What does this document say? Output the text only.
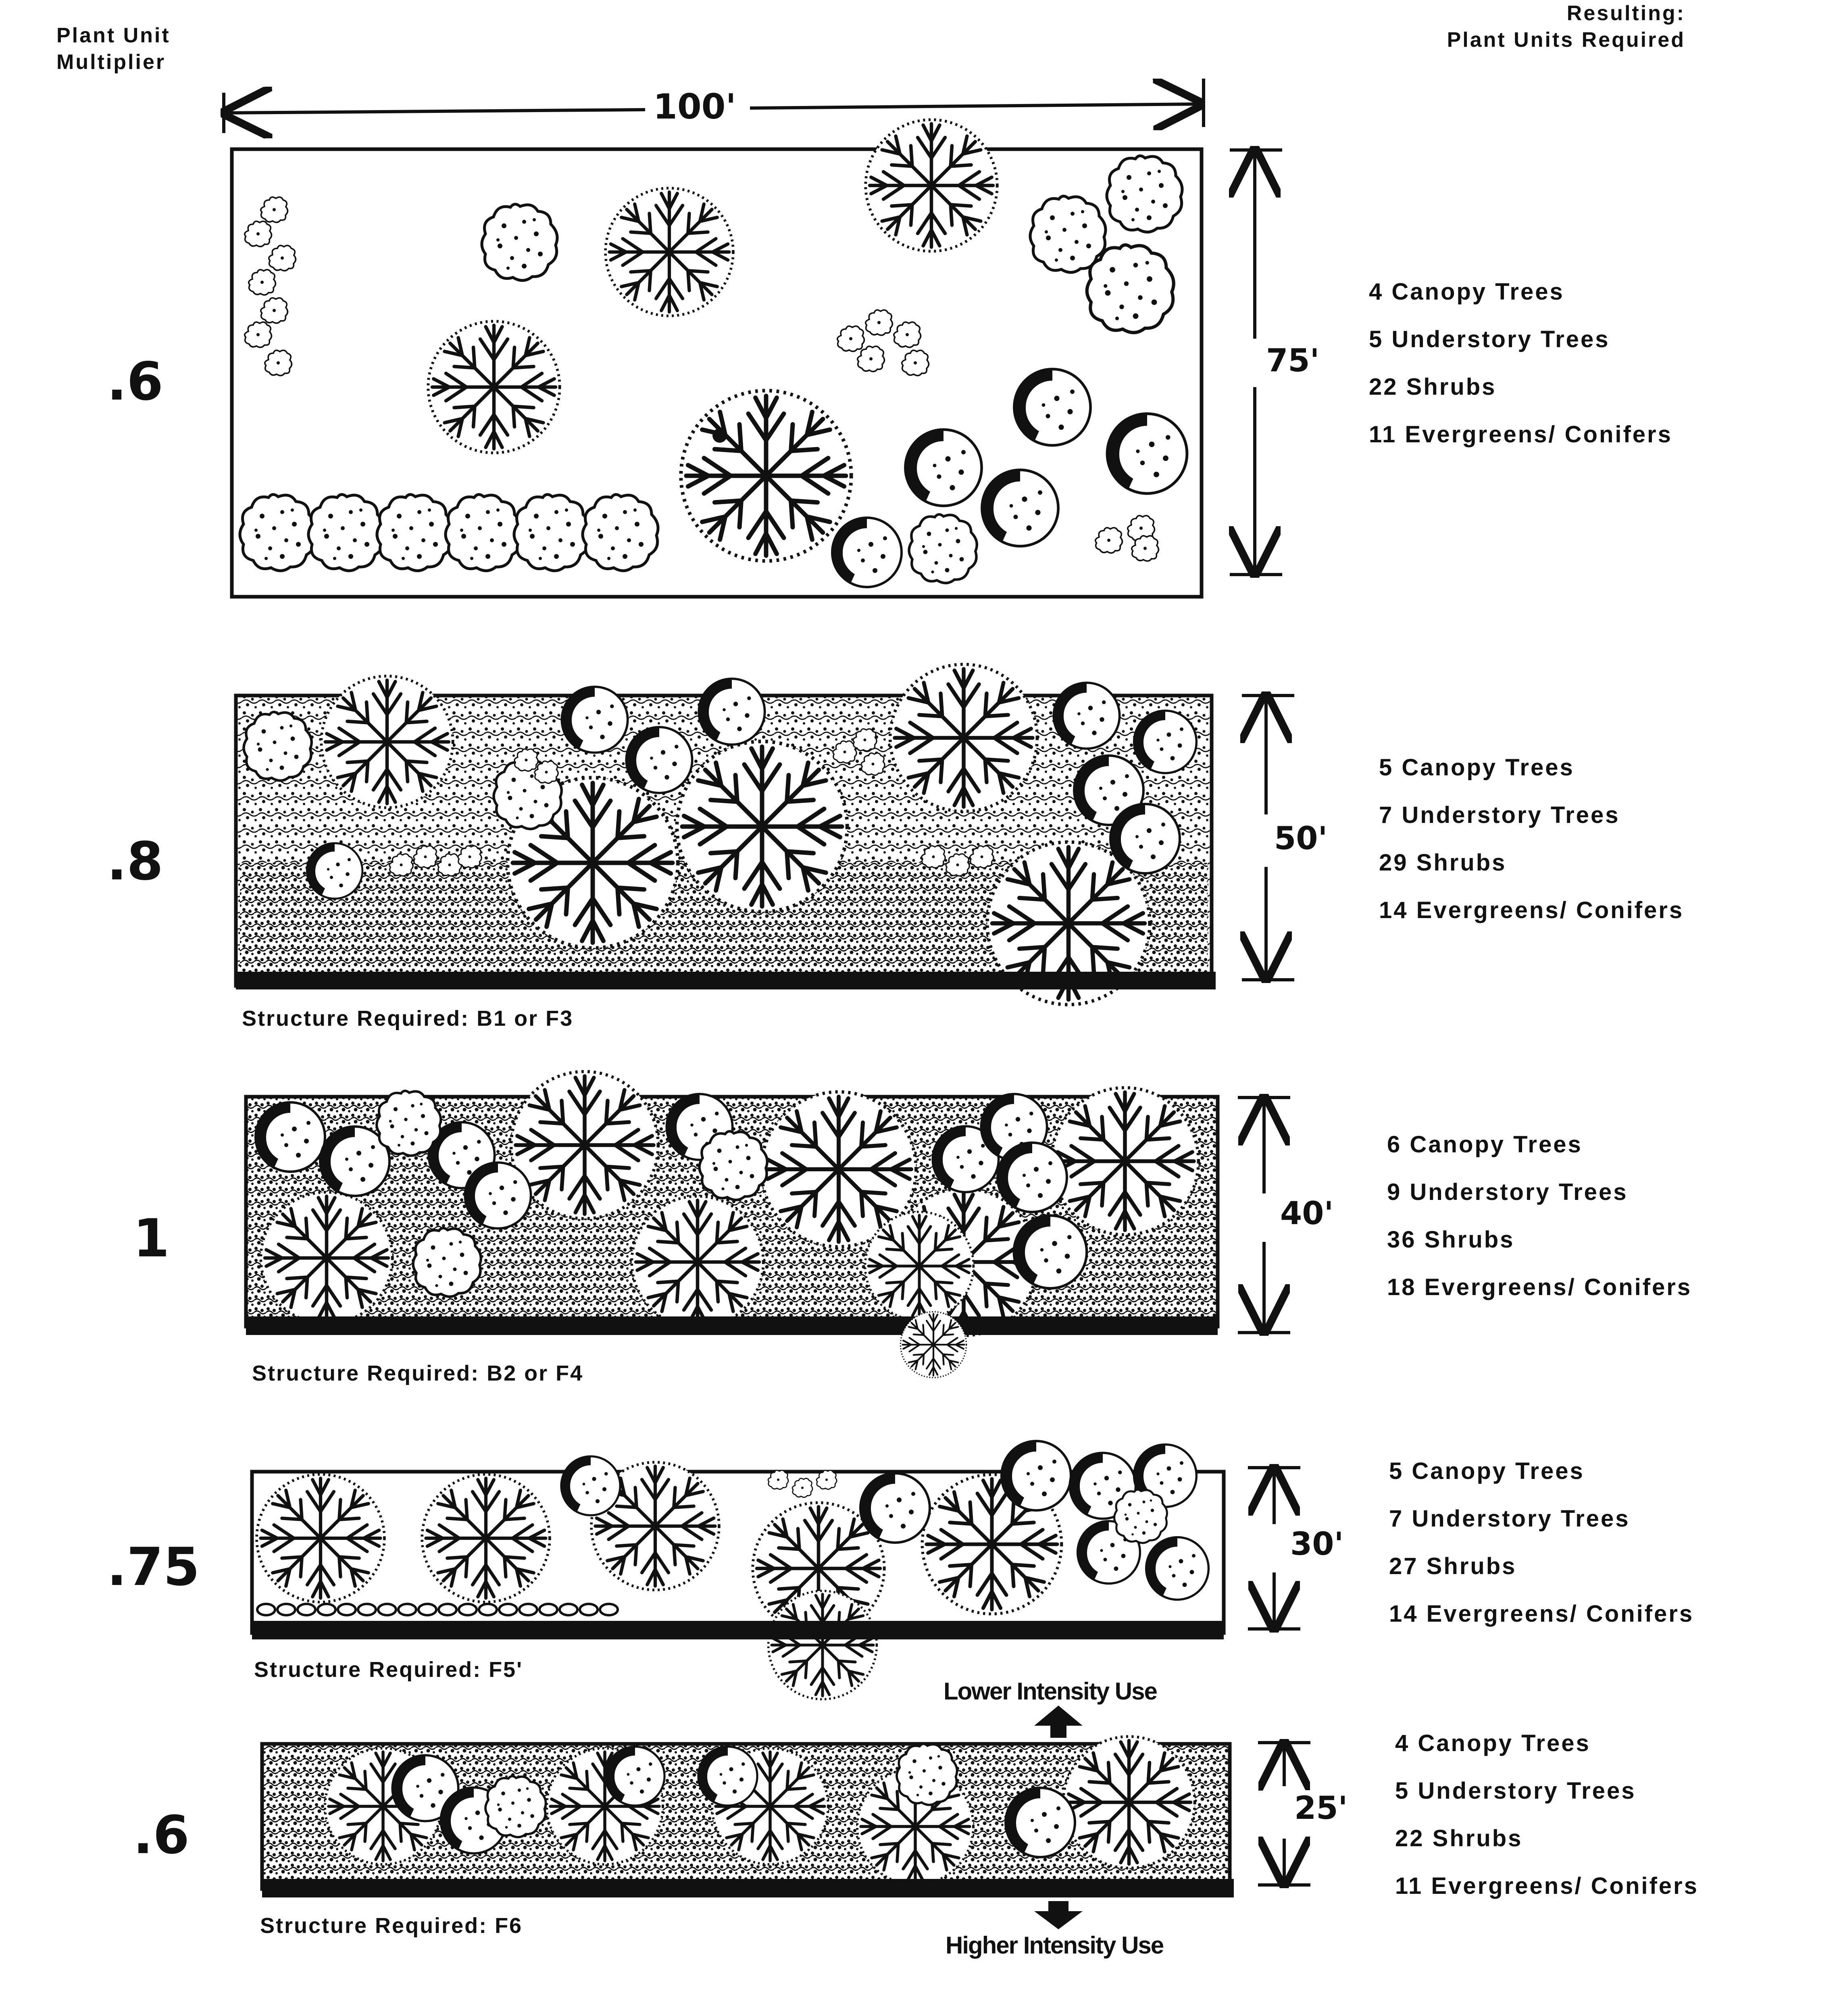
Plant Unit
Multiplier
Resulting:
Plant Units Required
100'
.6	75'
4 Canopy Trees
5 Understory Trees
22 Shrubs
11 Evergreens/ Conifers
.8	50'
5 Canopy Trees
7 Understory Trees
29 Shrubs
14 Evergreens/ Conifers
Structure Required: B1 or F3
1	40'
6 Canopy Trees
9 Understory Trees
36 Shrubs
18 Evergreens/ Conifers
Structure Required: B2 or F4
.75	30'
5 Canopy Trees
7 Understory Trees
27 Shrubs
14 Evergreens/ Conifers
Structure Required: F5'
.6	25'
4 Canopy Trees
5 Understory Trees
22 Shrubs
11 Evergreens/ Conifers
Structure Required: F6
Lower Intensity Use
Higher Intensity Use
